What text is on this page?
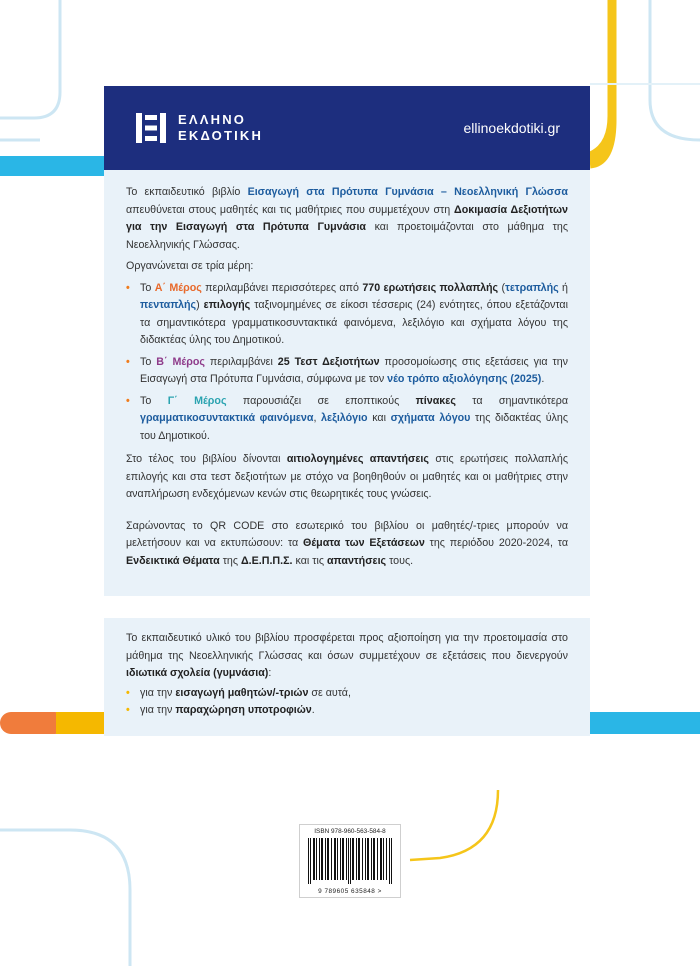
ΕΛΛΗΝΟ
ΕΚΔΟΤΙΚΗ	ellinoekdotiki.gr

Το εκπαιδευτικό βιβλίο Εισαγωγή στα Πρότυπα Γυμνάσια – Νεοελληνική Γλώσσα απευθύνεται στους μαθητές και τις μαθήτριες που συμμετέχουν στη Δοκιμασία Δεξιοτήτων για την Εισαγωγή στα Πρότυπα Γυμνάσια και προετοιμάζονται στο μάθημα της Νεοελληνικής Γλώσσας.

Οργανώνεται σε τρία μέρη:

• Το Α΄ Μέρος περιλαμβάνει περισσότερες από 770 ερωτήσεις πολλαπλής (τετραπλής ή πενταπλής) επιλογής ταξινομημένες σε είκοσι τέσσερις (24) ενότητες, όπου εξετάζονται τα σημαντικότερα γραμματικοσυντακτικά φαινόμενα, λεξιλόγιο και σχήματα λόγου της διδακτέας ύλης του Δημοτικού.
• Το Β΄ Μέρος περιλαμβάνει 25 Τεστ Δεξιοτήτων προσομοίωσης στις εξετάσεις για την Εισαγωγή στα Πρότυπα Γυμνάσια, σύμφωνα με τον νέο τρόπο αξιολόγησης (2025).
• Το Γ΄ Μέρος παρουσιάζει σε εποπτικούς πίνακες τα σημαντικότερα γραμματικοσυντακτικά φαινόμενα, λεξιλόγιο και σχήματα λόγου της διδακτέας ύλης του Δημοτικού.

Στο τέλος του βιβλίου δίνονται αιτιολογημένες απαντήσεις στις ερωτήσεις πολλαπλής επιλογής και στα τεστ δεξιοτήτων με στόχο να βοηθηθούν οι μαθητές και οι μαθήτριες στην αναπλήρωση ενδεχόμενων κενών στις θεωρητικές τους γνώσεις.

Σαρώνοντας το QR CODE στο εσωτερικό του βιβλίου οι μαθητές/-τριες μπορούν να μελετήσουν και να εκτυπώσουν: τα Θέματα των Εξετάσεων της περιόδου 2020-2024, τα Ενδεικτικά Θέματα της Δ.Ε.Π.Π.Σ. και τις απαντήσεις τους.

Το εκπαιδευτικό υλικό του βιβλίου προσφέρεται προς αξιοποίηση για την προετοιμασία στο μάθημα της Νεοελληνικής Γλώσσας και όσων συμμετέχουν σε εξετάσεις που διενεργούν ιδιωτικά σχολεία (γυμνάσια):

• για την εισαγωγή μαθητών/-τριών σε αυτά,
• για την παραχώρηση υποτροφιών.
ISBN 978-960-563-584-8
9 789605 635848 >
